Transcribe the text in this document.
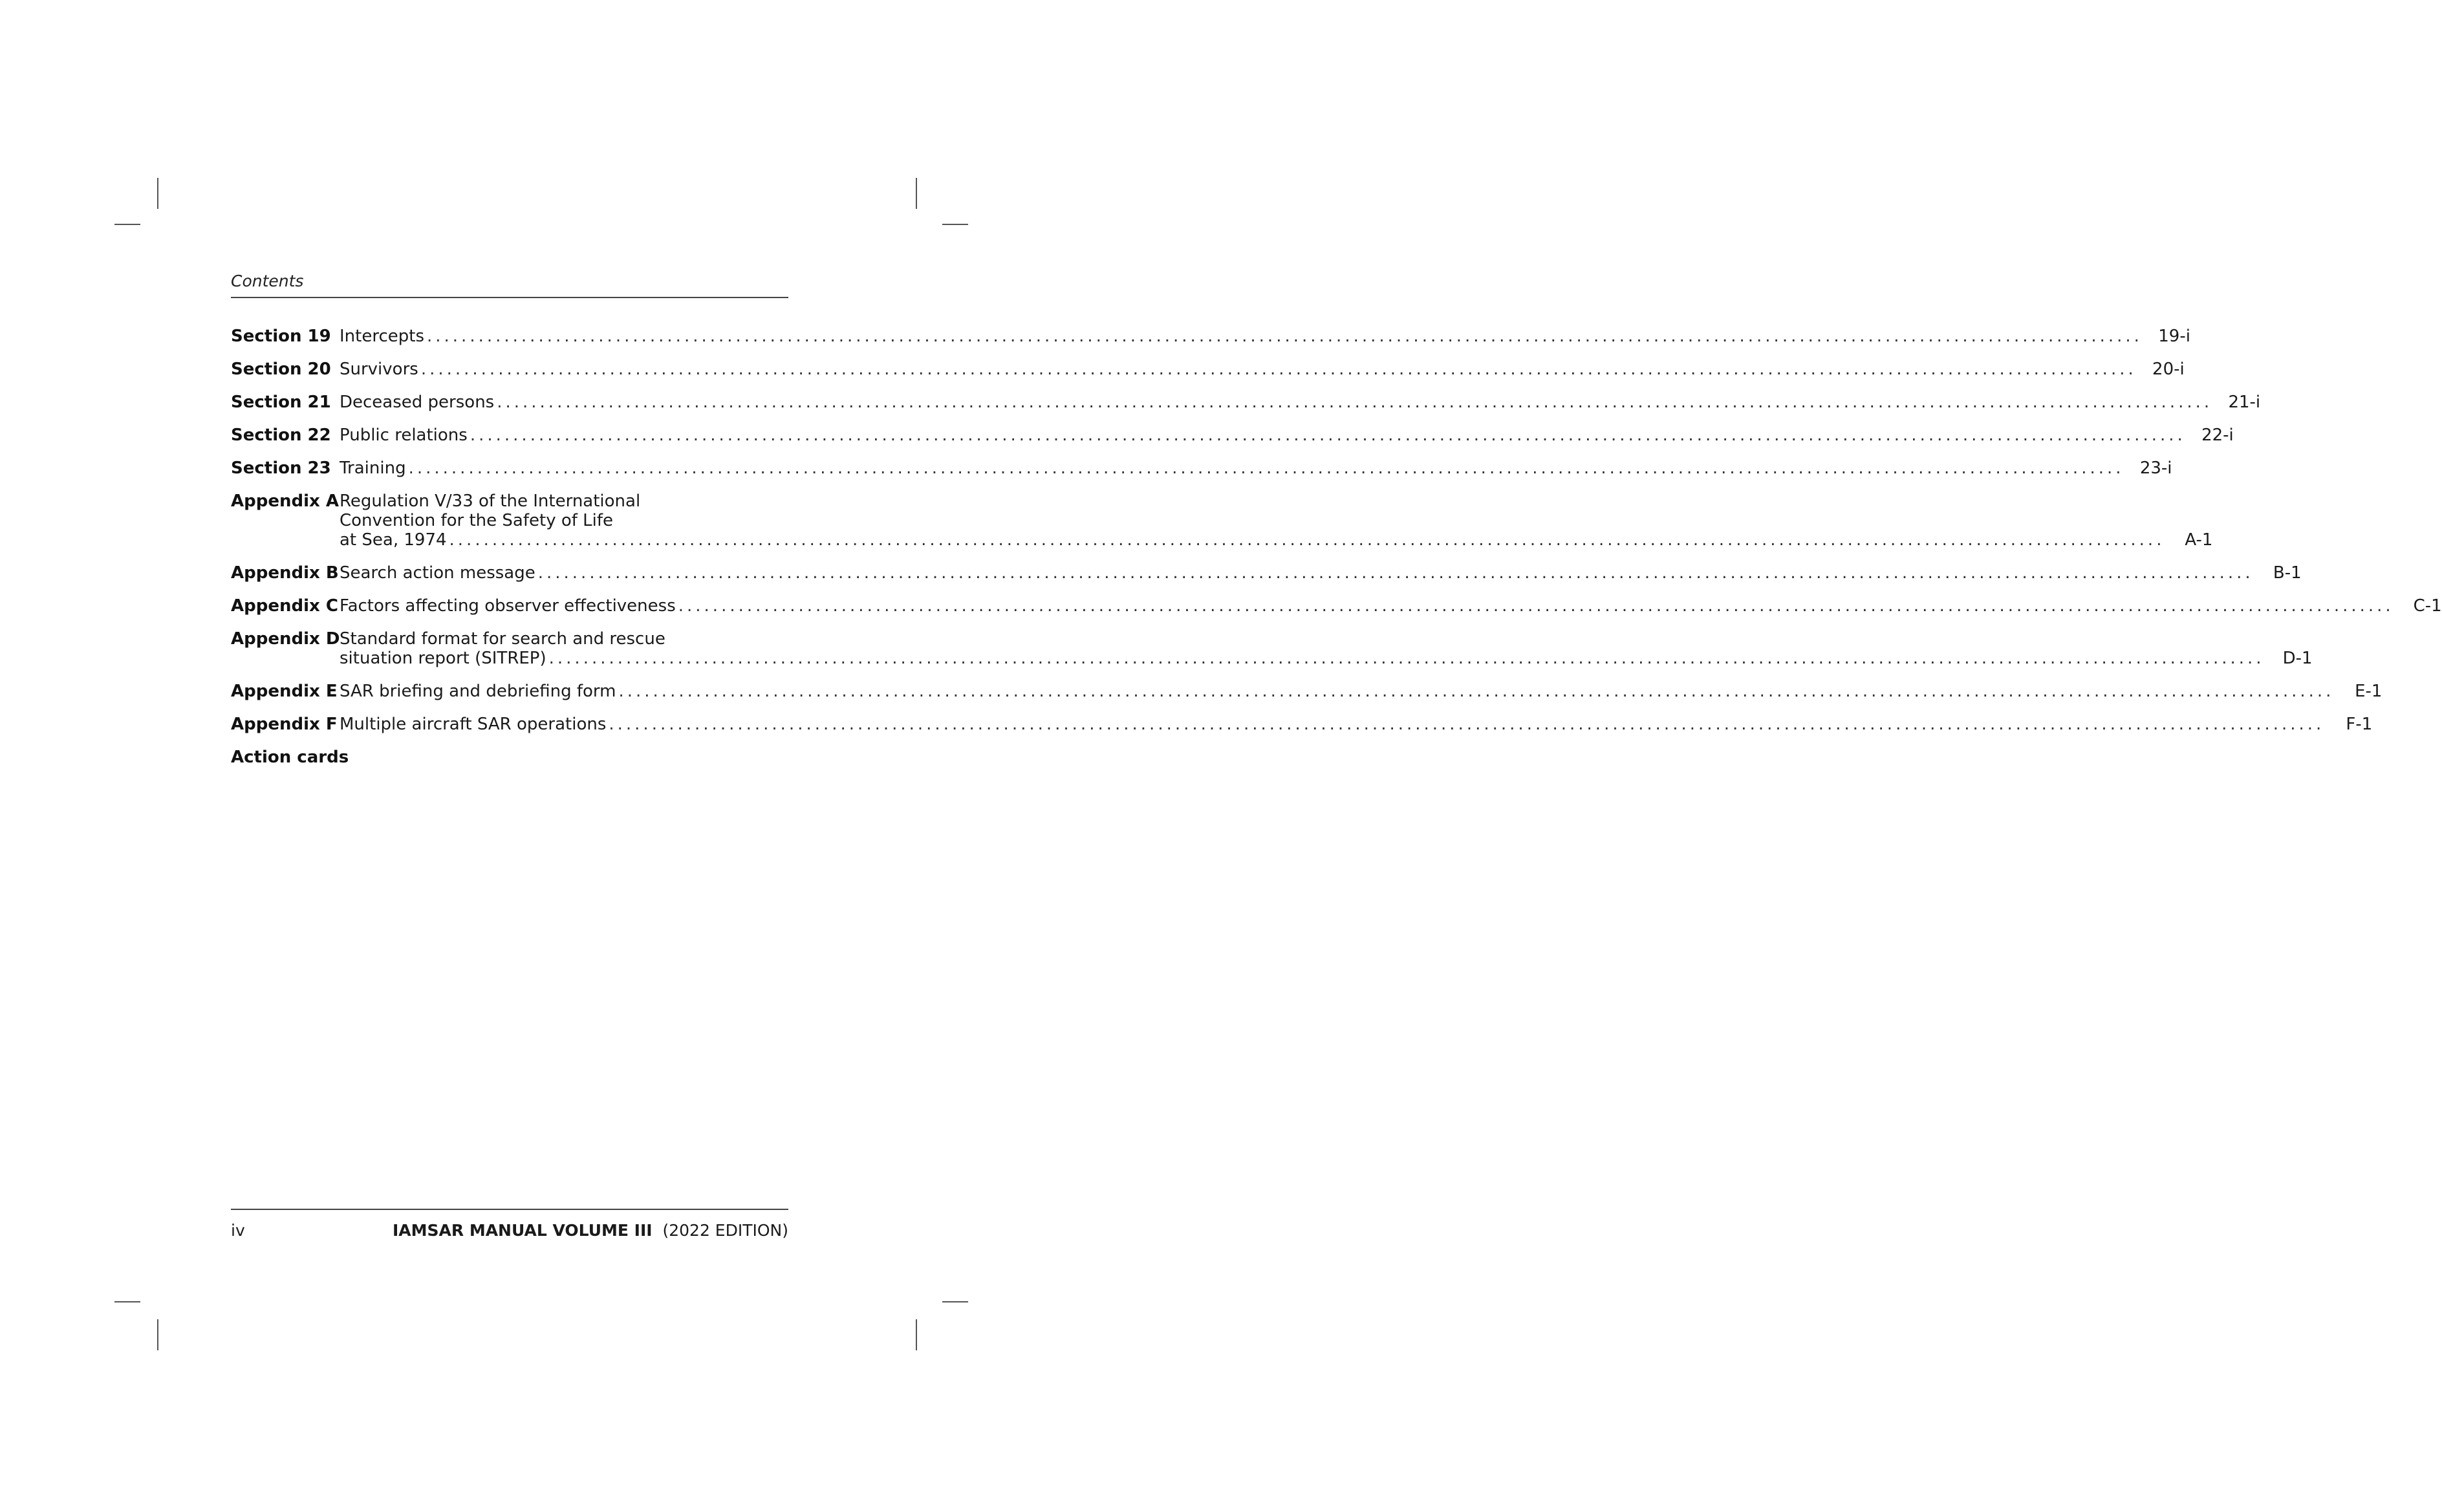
Contents
Section 19 Intercepts ........................................................................................................................................................................................................ 19-i
Section 20 Survivors ........................................................................................................................................................................................................ 20-i
Section 21 Deceased persons ........................................................................................................................................................................................................ 21-i
Section 22 Public relations ........................................................................................................................................................................................................ 22-i
Section 23 Training ........................................................................................................................................................................................................ 23-i
Appendix A Regulation V/33 of the International
Convention for the Safety of Life
at Sea, 1974 ........................................................................................................................................................................................................	A-1
Appendix B Search action message ........................................................................................................................................................................................................	B-1
Appendix C Factors affecting observer effectiveness ........................................................................................................................................................................................................	C-1
Appendix D Standard format for search and rescue
situation report (SITREP) ........................................................................................................................................................................................................	D-1
Appendix E SAR briefing and debriefing form ........................................................................................................................................................................................................	E-1
Appendix F Multiple aircraft SAR operations ........................................................................................................................................................................................................	F-1
Action cards

iv	IAMSAR MANUAL VOLUME III (2022 EDITION)
